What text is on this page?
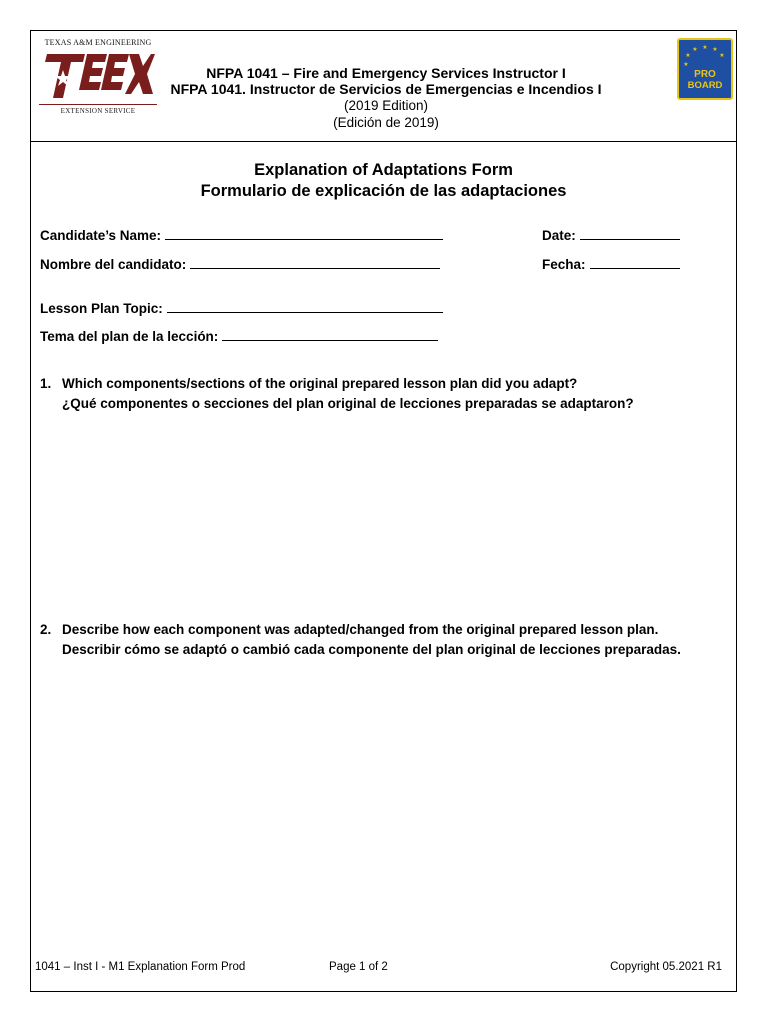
TEXAS A&M ENGINEERING
TEEX
EXTENSION SERVICE
NFPA 1041 – Fire and Emergency Services Instructor I
NFPA 1041. Instructor de Servicios de Emergencias e Incendios I
(2019 Edition)
(Edición de 2019)
★ ★
★
★
★
★
PRO
BOARD
Explanation of Adaptations Form
Formulario de explicación de las adaptaciones
Candidate’s Name:	Date:
Nombre del candidato:	Fecha:
Lesson Plan Topic:
Tema del plan de la lección:
1. Which components/sections of the original prepared lesson plan did you adapt?
¿Qué componentes o secciones del plan original de lecciones preparadas se adaptaron?
2. Describe how each component was adapted/changed from the original prepared lesson plan.
Describir cómo se adaptó o cambió cada componente del plan original de lecciones preparadas.
1041 – Inst I - M1 Explanation Form Prod	Page 1 of 2	Copyright 05.2021 R1
